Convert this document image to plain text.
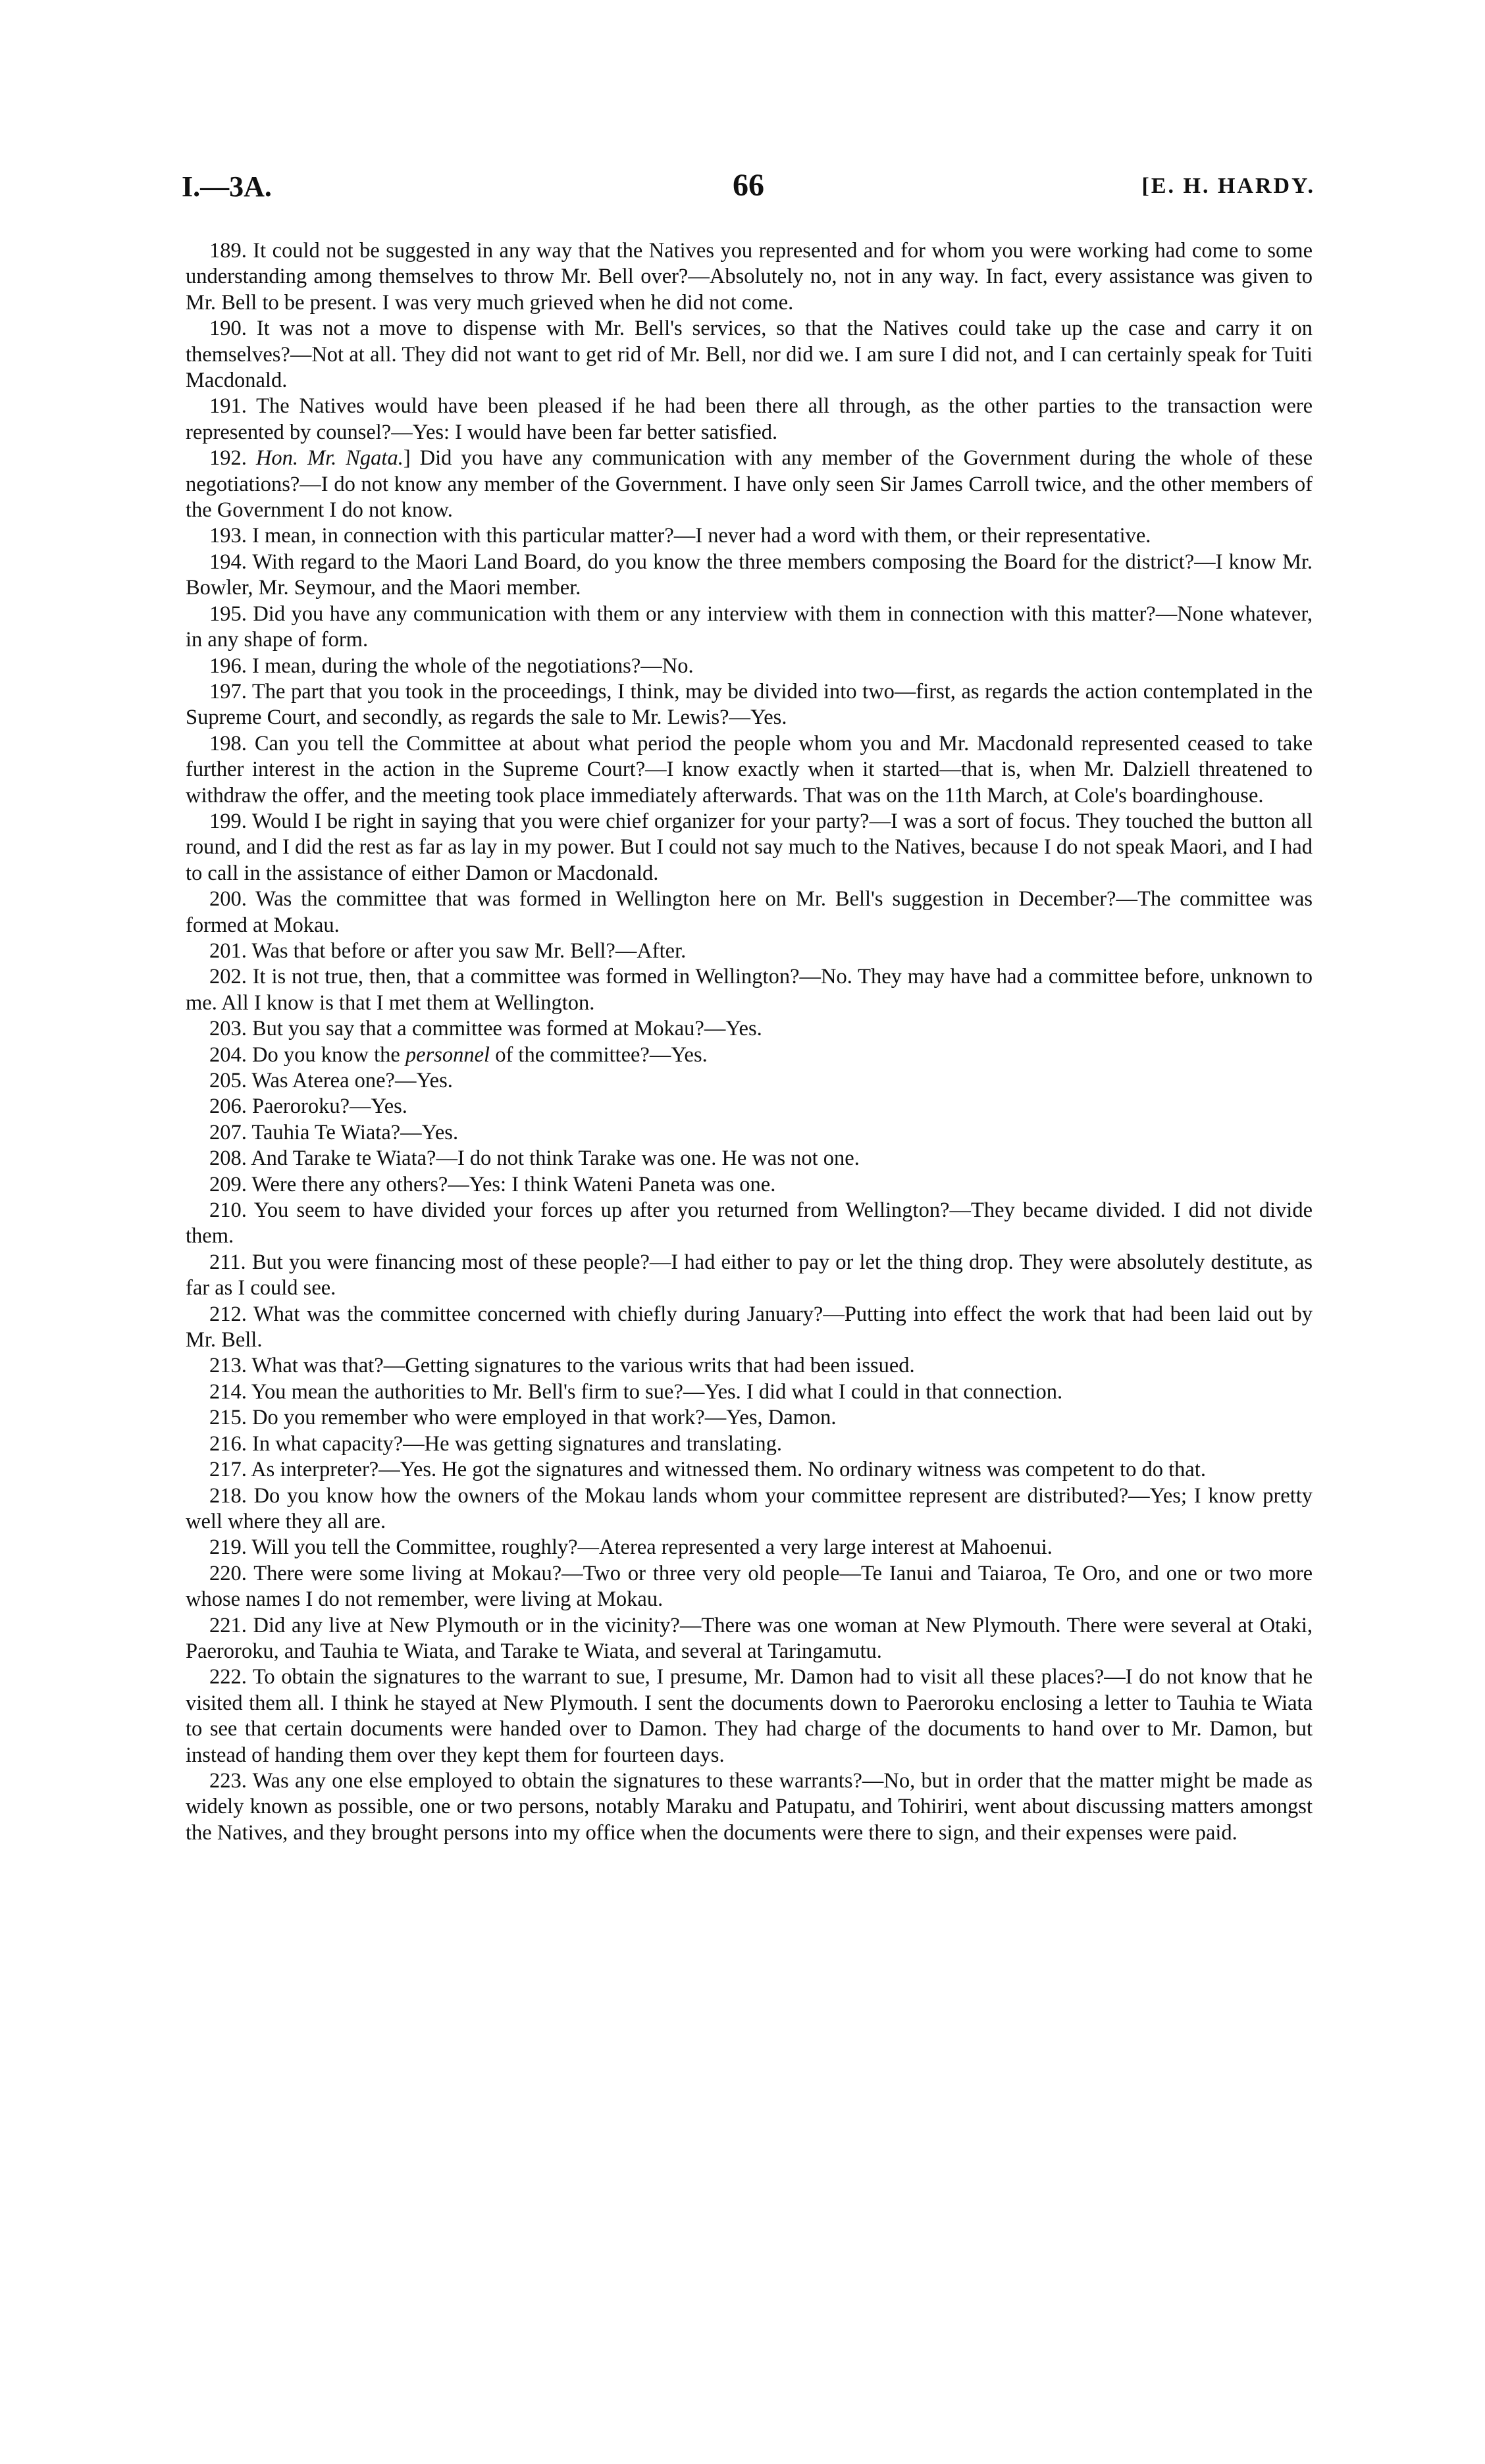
I.—3A.	66	[E. H. HARDY.

189. It could not be suggested in any way that the Natives you represented and for whom you were working had come to some understanding among themselves to throw Mr. Bell over?—Absolutely no, not in any way. In fact, every assistance was given to Mr. Bell to be present. I was very much grieved when he did not come.

190. It was not a move to dispense with Mr. Bell's services, so that the Natives could take up the case and carry it on themselves?—Not at all. They did not want to get rid of Mr. Bell, nor did we. I am sure I did not, and I can certainly speak for Tuiti Macdonald.

191. The Natives would have been pleased if he had been there all through, as the other parties to the transaction were represented by counsel?—Yes: I would have been far better satisfied.

192. Hon. Mr. Ngata.] Did you have any communication with any member of the Government during the whole of these negotiations?—I do not know any member of the Government. I have only seen Sir James Carroll twice, and the other members of the Government I do not know.

193. I mean, in connection with this particular matter?—I never had a word with them, or their representative.

194. With regard to the Maori Land Board, do you know the three members composing the Board for the district?—I know Mr. Bowler, Mr. Seymour, and the Maori member.

195. Did you have any communication with them or any interview with them in connection with this matter?—None whatever, in any shape of form.

196. I mean, during the whole of the negotiations?—No.

197. The part that you took in the proceedings, I think, may be divided into two—first, as regards the action contemplated in the Supreme Court, and secondly, as regards the sale to Mr. Lewis?—Yes.

198. Can you tell the Committee at about what period the people whom you and Mr. Macdonald represented ceased to take further interest in the action in the Supreme Court?—I know exactly when it started—that is, when Mr. Dalziell threatened to withdraw the offer, and the meeting took place immediately afterwards. That was on the 11th March, at Cole's boardinghouse.

199. Would I be right in saying that you were chief organizer for your party?—I was a sort of focus. They touched the button all round, and I did the rest as far as lay in my power. But I could not say much to the Natives, because I do not speak Maori, and I had to call in the assistance of either Damon or Macdonald.

200. Was the committee that was formed in Wellington here on Mr. Bell's suggestion in December?—The committee was formed at Mokau.

201. Was that before or after you saw Mr. Bell?—After.

202. It is not true, then, that a committee was formed in Wellington?—No. They may have had a committee before, unknown to me. All I know is that I met them at Wellington.

203. But you say that a committee was formed at Mokau?—Yes.

204. Do you know the personnel of the committee?—Yes.

205. Was Aterea one?—Yes.

206. Paeroroku?—Yes.

207. Tauhia Te Wiata?—Yes.

208. And Tarake te Wiata?—I do not think Tarake was one. He was not one.

209. Were there any others?—Yes: I think Wateni Paneta was one.

210. You seem to have divided your forces up after you returned from Wellington?—They became divided. I did not divide them.

211. But you were financing most of these people?—I had either to pay or let the thing drop. They were absolutely destitute, as far as I could see.

212. What was the committee concerned with chiefly during January?—Putting into effect the work that had been laid out by Mr. Bell.

213. What was that?—Getting signatures to the various writs that had been issued.

214. You mean the authorities to Mr. Bell's firm to sue?—Yes. I did what I could in that connection.

215. Do you remember who were employed in that work?—Yes, Damon.

216. In what capacity?—He was getting signatures and translating.

217. As interpreter?—Yes. He got the signatures and witnessed them. No ordinary witness was competent to do that.

218. Do you know how the owners of the Mokau lands whom your committee represent are distributed?—Yes; I know pretty well where they all are.

219. Will you tell the Committee, roughly?—Aterea represented a very large interest at Mahoenui.

220. There were some living at Mokau?—Two or three very old people—Te Ianui and Taiaroa, Te Oro, and one or two more whose names I do not remember, were living at Mokau.

221. Did any live at New Plymouth or in the vicinity?—There was one woman at New Plymouth. There were several at Otaki, Paeroroku, and Tauhia te Wiata, and Tarake te Wiata, and several at Taringamutu.

222. To obtain the signatures to the warrant to sue, I presume, Mr. Damon had to visit all these places?—I do not know that he visited them all. I think he stayed at New Plymouth. I sent the documents down to Paeroroku enclosing a letter to Tauhia te Wiata to see that certain documents were handed over to Damon. They had charge of the documents to hand over to Mr. Damon, but instead of handing them over they kept them for fourteen days.

223. Was any one else employed to obtain the signatures to these warrants?—No, but in order that the matter might be made as widely known as possible, one or two persons, notably Maraku and Patupatu, and Tohiriri, went about discussing matters amongst the Natives, and they brought persons into my office when the documents were there to sign, and their expenses were paid.
